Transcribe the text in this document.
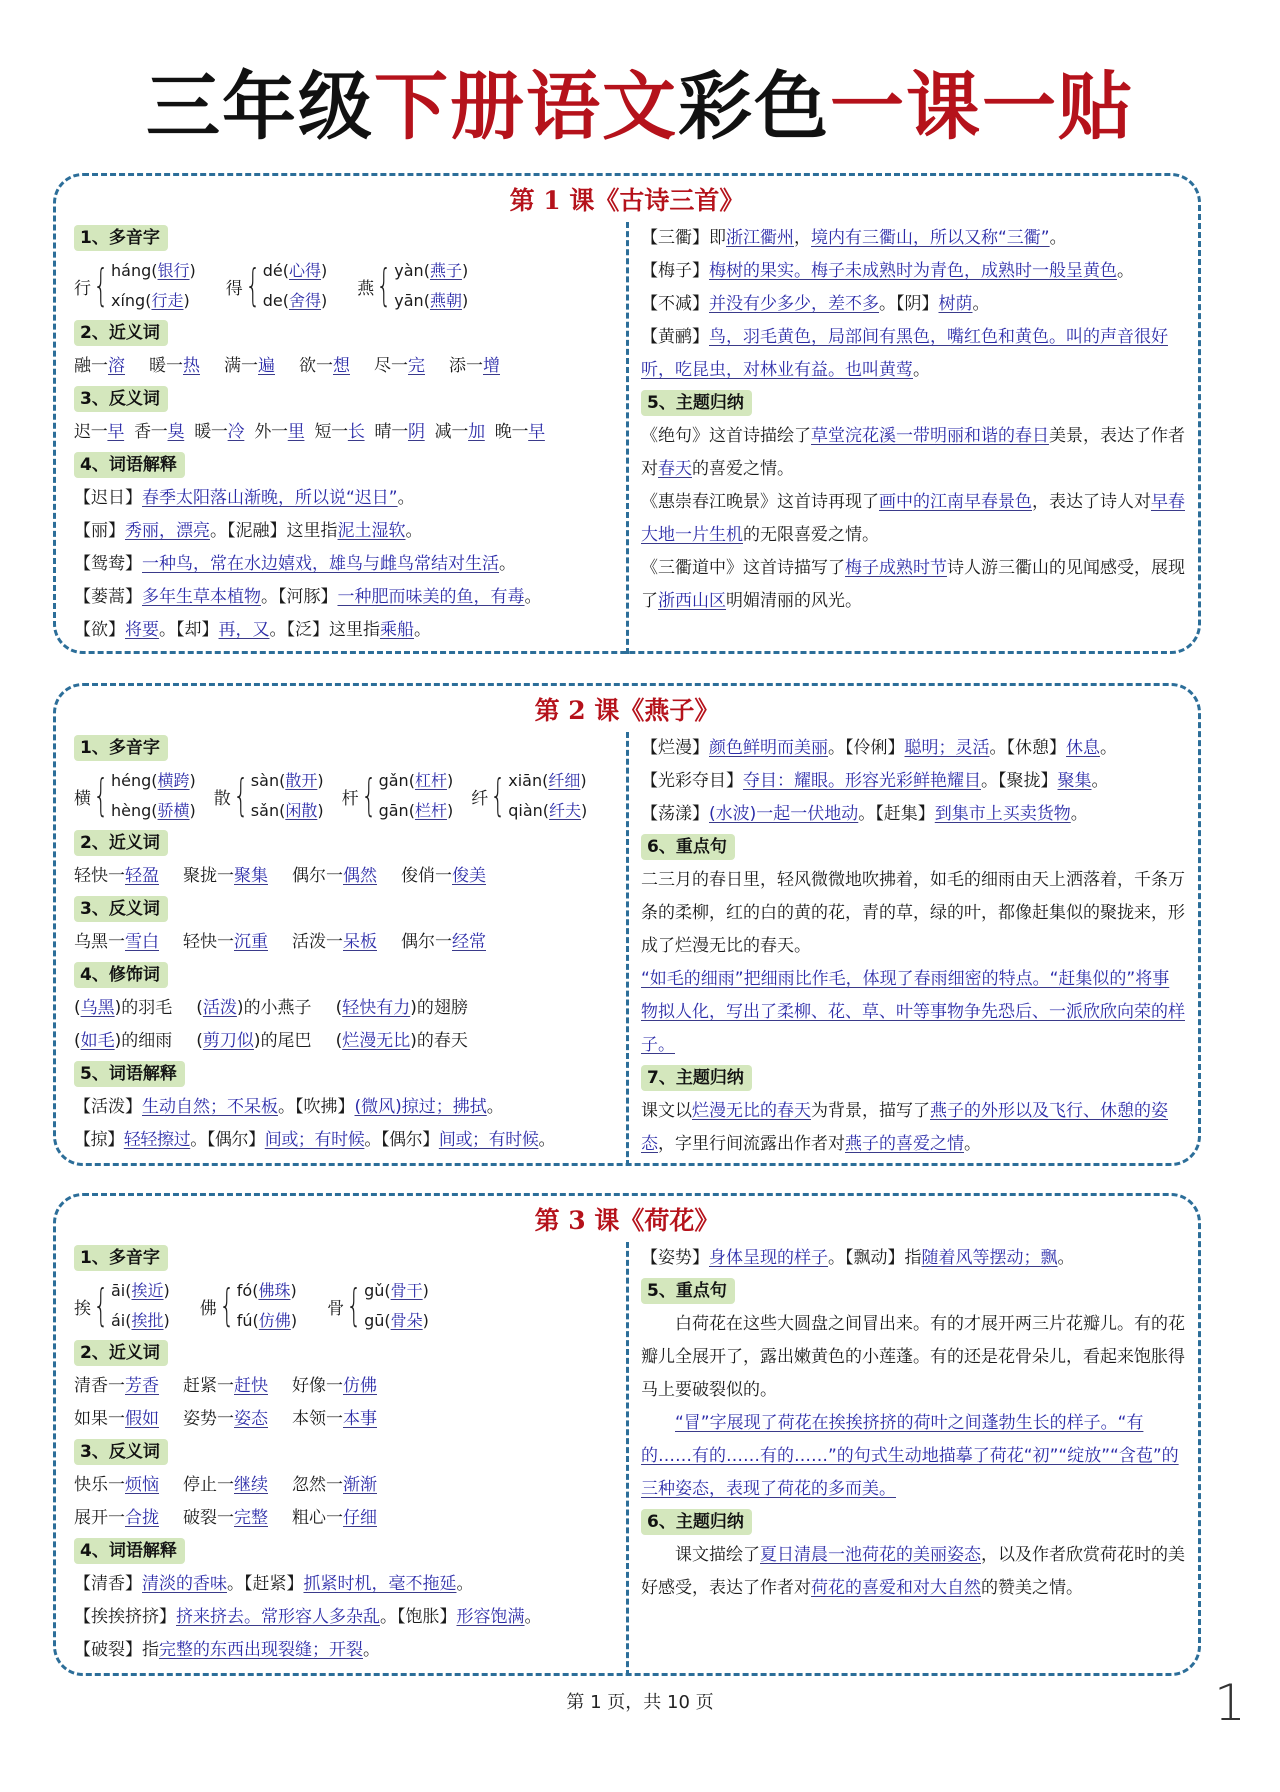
三年级下册语文彩色一课一贴
第 1 课《古诗三首》
1、多音字
行 { háng(银行)
xíng(行走)
得 { dé(心得)
de(舍得)
燕 { yàn(燕子)
yān(燕朝)
2、近义词
融一溶 暖一热 满一遍 欲一想 尽一完 添一增
3、反义词
迟一早 香一臭 暖一冷 外一里 短一长 晴一阴 减一加 晚一早
4、词语解释
【迟日】春季太阳落山渐晚，所以说“迟日”。
【丽】秀丽，漂亮。【泥融】这里指泥土湿软。
【鸳鸯】一种鸟，常在水边嬉戏，雄鸟与雌鸟常结对生活。
【蒌蒿】多年生草本植物。【河豚】一种肥而味美的鱼，有毒。
【欲】将要。【却】再，又。【泛】这里指乘船。
【三衢】即浙江衢州，境内有三衢山，所以又称“三衢”。
【梅子】梅树的果实。梅子未成熟时为青色，成熟时一般呈黄色。
【不减】并没有少多少，差不多。【阴】树荫。
【黄鹂】鸟，羽毛黄色，局部间有黑色，嘴红色和黄色。叫的声音很好听，吃昆虫，对林业有益。也叫黄莺。
5、主题归纳
《绝句》这首诗描绘了草堂浣花溪一带明丽和谐的春日美景，表达了作者对春天的喜爱之情。
《惠崇春江晚景》这首诗再现了画中的江南早春景色，表达了诗人对早春大地一片生机的无限喜爱之情。
《三衢道中》这首诗描写了梅子成熟时节诗人游三衢山的见闻感受，展现了浙西山区明媚清丽的风光。
第 2 课《燕子》
1、多音字
横 { héng(横跨)
hèng(骄横)
散 { sàn(散开)
sǎn(闲散)
杆 { gǎn(杠杆)
gān(栏杆)
纤 { xiān(纤细)
qiàn(纤夫)
2、近义词
轻快一轻盈 聚拢一聚集 偶尔一偶然 俊俏一俊美
3、反义词
乌黑一雪白 轻快一沉重 活泼一呆板 偶尔一经常
4、修饰词
(乌黑)的羽毛 (活泼)的小燕子 (轻快有力)的翅膀
(如毛)的细雨 (剪刀似)的尾巴 (烂漫无比)的春天
5、词语解释
【活泼】生动自然；不呆板。【吹拂】(微风)掠过；拂拭。
【掠】轻轻擦过。【偶尔】间或；有时候。【偶尔】间或；有时候。
【烂漫】颜色鲜明而美丽。【伶俐】聪明；灵活。【休憩】休息。
【光彩夺目】夺目：耀眼。形容光彩鲜艳耀目。【聚拢】聚集。
【荡漾】(水波)一起一伏地动。【赶集】到集市上买卖货物。
6、重点句
二三月的春日里，轻风微微地吹拂着，如毛的细雨由天上洒落着，千条万条的柔柳，红的白的黄的花，青的草，绿的叶，都像赶集似的聚拢来，形成了烂漫无比的春天。
“如毛的细雨”把细雨比作毛，体现了春雨细密的特点。“赶集似的”将事物拟人化，写出了柔柳、花、草、叶等事物争先恐后、一派欣欣向荣的样子。
7、主题归纳
课文以烂漫无比的春天为背景，描写了燕子的外形以及飞行、休憩的姿态，字里行间流露出作者对燕子的喜爱之情。
第 3 课《荷花》
1、多音字
挨 { āi(挨近)
ái(挨批)
佛 { fó(佛珠)
fú(仿佛)
骨 { gǔ(骨干)
gū(骨朵)
2、近义词
清香一芳香 赶紧一赶快 好像一仿佛
如果一假如 姿势一姿态 本领一本事
3、反义词
快乐一烦恼 停止一继续 忽然一渐渐
展开一合拢 破裂一完整 粗心一仔细
4、词语解释
【清香】清淡的香味。【赶紧】抓紧时机，毫不拖延。
【挨挨挤挤】挤来挤去。常形容人多杂乱。【饱胀】形容饱满。
【破裂】指完整的东西出现裂缝；开裂。
【姿势】身体呈现的样子。【飘动】指随着风等摆动；飘。
5、重点句
白荷花在这些大圆盘之间冒出来。有的才展开两三片花瓣儿。有的花瓣儿全展开了，露出嫩黄色的小莲蓬。有的还是花骨朵儿，看起来饱胀得马上要破裂似的。
“冒”字展现了荷花在挨挨挤挤的荷叶之间蓬勃生长的样子。“有的……有的……有的……”的句式生动地描摹了荷花“初”“绽放”“含苞”的三种姿态，表现了荷花的多而美。
6、主题归纳
课文描绘了夏日清晨一池荷花的美丽姿态，以及作者欣赏荷花时的美好感受，表达了作者对荷花的喜爱和对大自然的赞美之情。
第 1 页，共 10 页	1
